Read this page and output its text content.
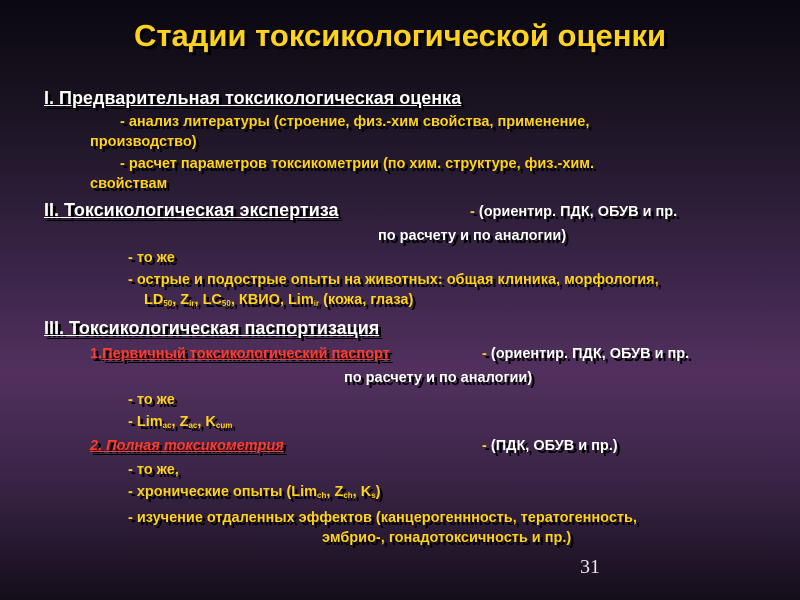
Стадии токсикологической оценки
I. Предварительная токсикологическая оценка
- анализ литературы (строение, физ.-хим свойства, применение,
производство)
- расчет параметров токсикометрии (по хим. структуре, физ.-хим.
свойствам
II. Токсикологическая экспертиза	- (ориентир. ПДК, ОБУВ и пр.
по расчету и по аналогии)
- то же
- острые и подострые опыты на животных: общая клиника, морфология,
$LD_{50}$, $Z_{ir}$, $LC_{50}$, КВИО, Lim$_{ir}$ (кожа, глаза)
III. Токсикологическая паспортизация
1.Первичный токсикологический паспорт	- (ориентир. ПДК, ОБУВ и пр.
по расчету и по аналогии)
- то же
- Lim$_{ac}$, $Z_{ac}$, $K_{cum}$
2. Полная токсикометрия	- (ПДК, ОБУВ и пр.)
- то же,
- хронические опыты (Lim$_{ch}$, $Z_{ch}$, $K_s$)
- изучение отдаленных эффектов (канцерогеннность, тератогенность,
эмбрио-, гонадотоксичность и пр.)
31
